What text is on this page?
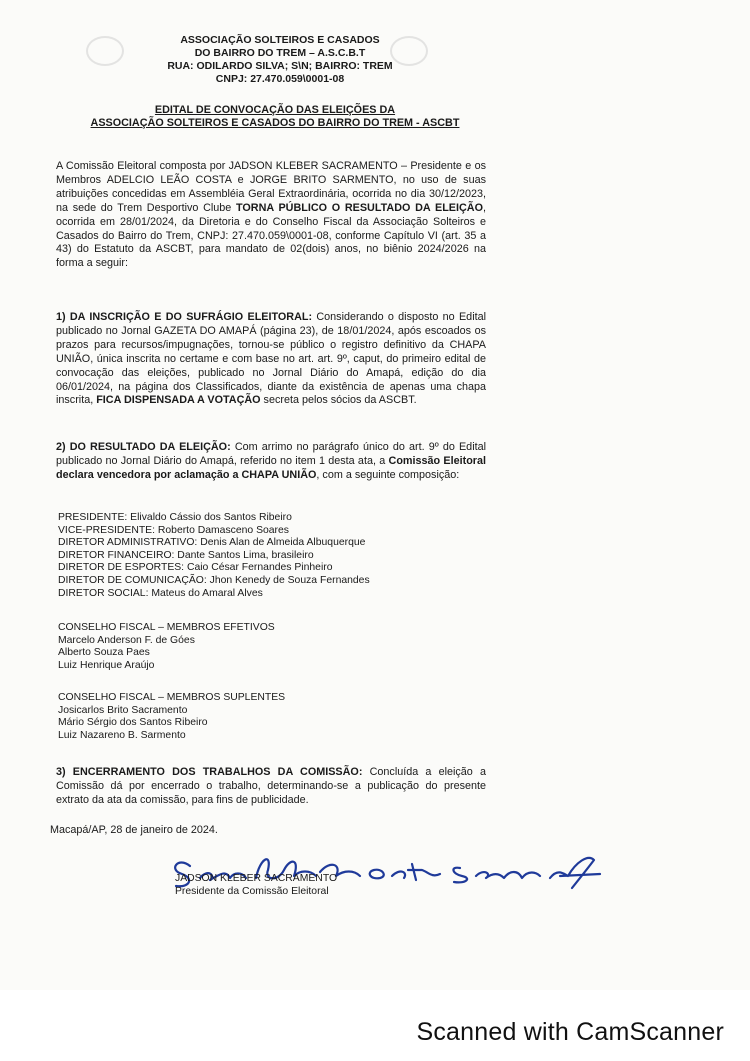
ASSOCIAÇÃO SOLTEIROS E CASADOS
DO BAIRRO DO TREM – A.S.C.B.T
RUA: ODILARDO SILVA; S\N; BAIRRO: TREM
CNPJ: 27.470.059\0001-08
EDITAL DE CONVOCAÇÃO DAS ELEIÇÕES DA
ASSOCIAÇÃO SOLTEIROS E CASADOS DO BAIRRO DO TREM - ASCBT
A Comissão Eleitoral composta por JADSON KLEBER SACRAMENTO – Presidente e os Membros ADELCIO LEÃO COSTA e JORGE BRITO SARMENTO, no uso de suas atribuições concedidas em Assembléia Geral Extraordinária, ocorrida no dia 30/12/2023, na sede do Trem Desportivo Clube TORNA PÚBLICO O RESULTADO DA ELEIÇÃO, ocorrida em 28/01/2024, da Diretoria e do Conselho Fiscal da Associação Solteiros e Casados do Bairro do Trem, CNPJ: 27.470.059\0001-08, conforme Capítulo VI (art. 35 a 43) do Estatuto da ASCBT, para mandato de 02(dois) anos, no biênio 2024/2026 na forma a seguir:
1) DA INSCRIÇÃO E DO SUFRÁGIO ELEITORAL: Considerando o disposto no Edital publicado no Jornal GAZETA DO AMAPÁ (página 23), de 18/01/2024, após escoados os prazos para recursos/impugnações, tornou-se público o registro definitivo da CHAPA UNIÃO, única inscrita no certame e com base no art. art. 9º, caput, do primeiro edital de convocação das eleições, publicado no Jornal Diário do Amapá, edição do dia 06/01/2024, na página dos Classificados, diante da existência de apenas uma chapa inscrita, FICA DISPENSADA A VOTAÇÃO secreta pelos sócios da ASCBT.
2) DO RESULTADO DA ELEIÇÃO: Com arrimo no parágrafo único do art. 9º do Edital publicado no Jornal Diário do Amapá, referido no item 1 desta ata, a Comissão Eleitoral declara vencedora por aclamação a CHAPA UNIÃO, com a seguinte composição:
PRESIDENTE: Elivaldo Cássio dos Santos Ribeiro
VICE-PRESIDENTE: Roberto Damasceno Soares
DIRETOR ADMINISTRATIVO: Denis Alan de Almeida Albuquerque
DIRETOR FINANCEIRO: Dante Santos Lima, brasileiro
DIRETOR DE ESPORTES: Caio César Fernandes Pinheiro
DIRETOR DE COMUNICAÇÃO: Jhon Kenedy de Souza Fernandes
DIRETOR SOCIAL: Mateus do Amaral Alves
CONSELHO FISCAL – MEMBROS EFETIVOS
Marcelo Anderson F. de Góes
Alberto Souza Paes
Luiz Henrique Araújo
CONSELHO FISCAL – MEMBROS SUPLENTES
Josicarlos Brito Sacramento
Mário Sérgio dos Santos Ribeiro
Luiz Nazareno B. Sarmento
3) ENCERRAMENTO DOS TRABALHOS DA COMISSÃO: Concluída a eleição a Comissão dá por encerrado o trabalho, determinando-se a publicação do presente extrato da ata da comissão, para fins de publicidade.
Macapá/AP, 28 de janeiro de 2024.
JADSON KLEBER SACRAMENTO
Presidente da Comissão Eleitoral
Scanned with CamScanner
